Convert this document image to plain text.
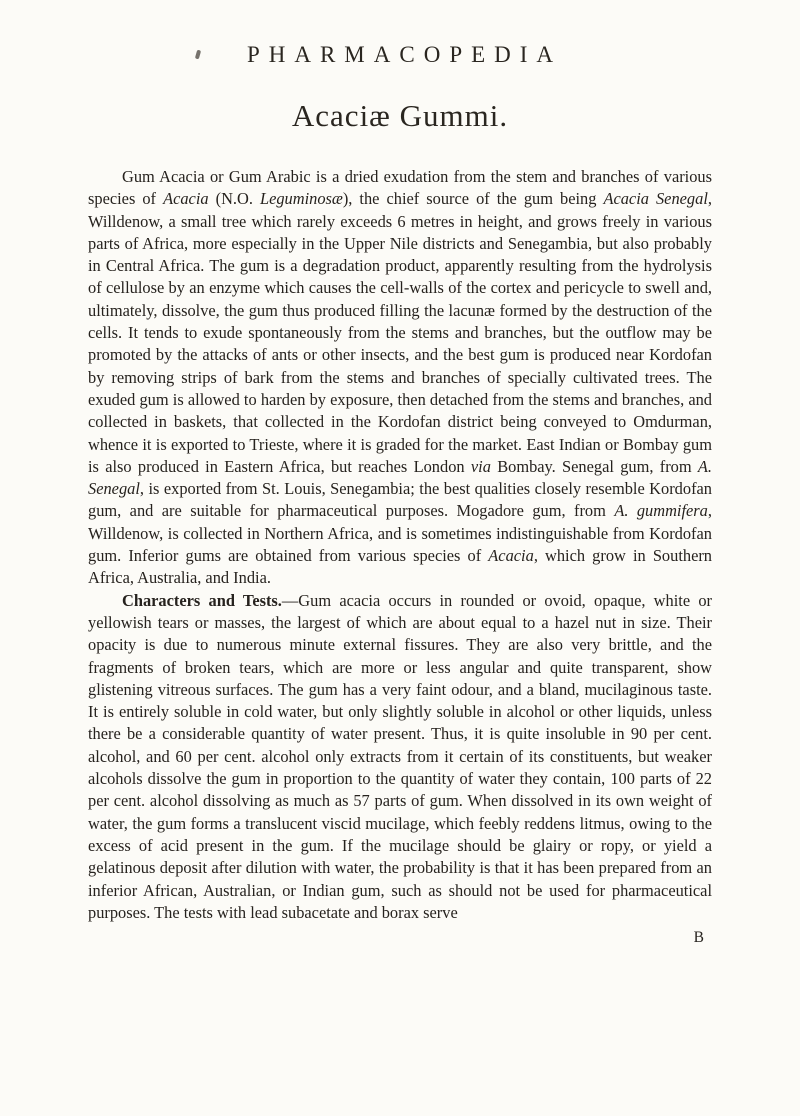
PHARMACOPEDIA
Acaciæ Gummi.

Gum Acacia or Gum Arabic is a dried exudation from the stem and branches of various species of Acacia (N.O. Leguminosæ), the chief source of the gum being Acacia Senegal, Willdenow, a small tree which rarely exceeds 6 metres in height, and grows freely in various parts of Africa, more especially in the Upper Nile districts and Senegambia, but also probably in Central Africa. The gum is a degradation product, apparently resulting from the hydrolysis of cellulose by an enzyme which causes the cell-walls of the cortex and pericycle to swell and, ultimately, dissolve, the gum thus produced filling the lacunæ formed by the destruction of the cells. It tends to exude spontaneously from the stems and branches, but the outflow may be promoted by the attacks of ants or other insects, and the best gum is produced near Kordofan by removing strips of bark from the stems and branches of specially cultivated trees. The exuded gum is allowed to harden by exposure, then detached from the stems and branches, and collected in baskets, that collected in the Kordofan district being conveyed to Omdurman, whence it is exported to Trieste, where it is graded for the market. East Indian or Bombay gum is also produced in Eastern Africa, but reaches London via Bombay. Senegal gum, from A. Senegal, is exported from St. Louis, Senegambia; the best qualities closely resemble Kordofan gum, and are suitable for pharmaceutical purposes. Mogadore gum, from A. gummifera, Willdenow, is collected in Northern Africa, and is sometimes indistinguishable from Kordofan gum. Inferior gums are obtained from various species of Acacia, which grow in Southern Africa, Australia, and India.

Characters and Tests.—Gum acacia occurs in rounded or ovoid, opaque, white or yellowish tears or masses, the largest of which are about equal to a hazel nut in size. Their opacity is due to numerous minute external fissures. They are also very brittle, and the fragments of broken tears, which are more or less angular and quite transparent, show glistening vitreous surfaces. The gum has a very faint odour, and a bland, mucilaginous taste. It is entirely soluble in cold water, but only slightly soluble in alcohol or other liquids, unless there be a considerable quantity of water present. Thus, it is quite insoluble in 90 per cent. alcohol, and 60 per cent. alcohol only extracts from it certain of its constituents, but weaker alcohols dissolve the gum in proportion to the quantity of water they contain, 100 parts of 22 per cent. alcohol dissolving as much as 57 parts of gum. When dissolved in its own weight of water, the gum forms a translucent viscid mucilage, which feebly reddens litmus, owing to the excess of acid present in the gum. If the mucilage should be glairy or ropy, or yield a gelatinous deposit after dilution with water, the probability is that it has been prepared from an inferior African, Australian, or Indian gum, such as should not be used for pharmaceutical purposes. The tests with lead subacetate and borax serve

B
